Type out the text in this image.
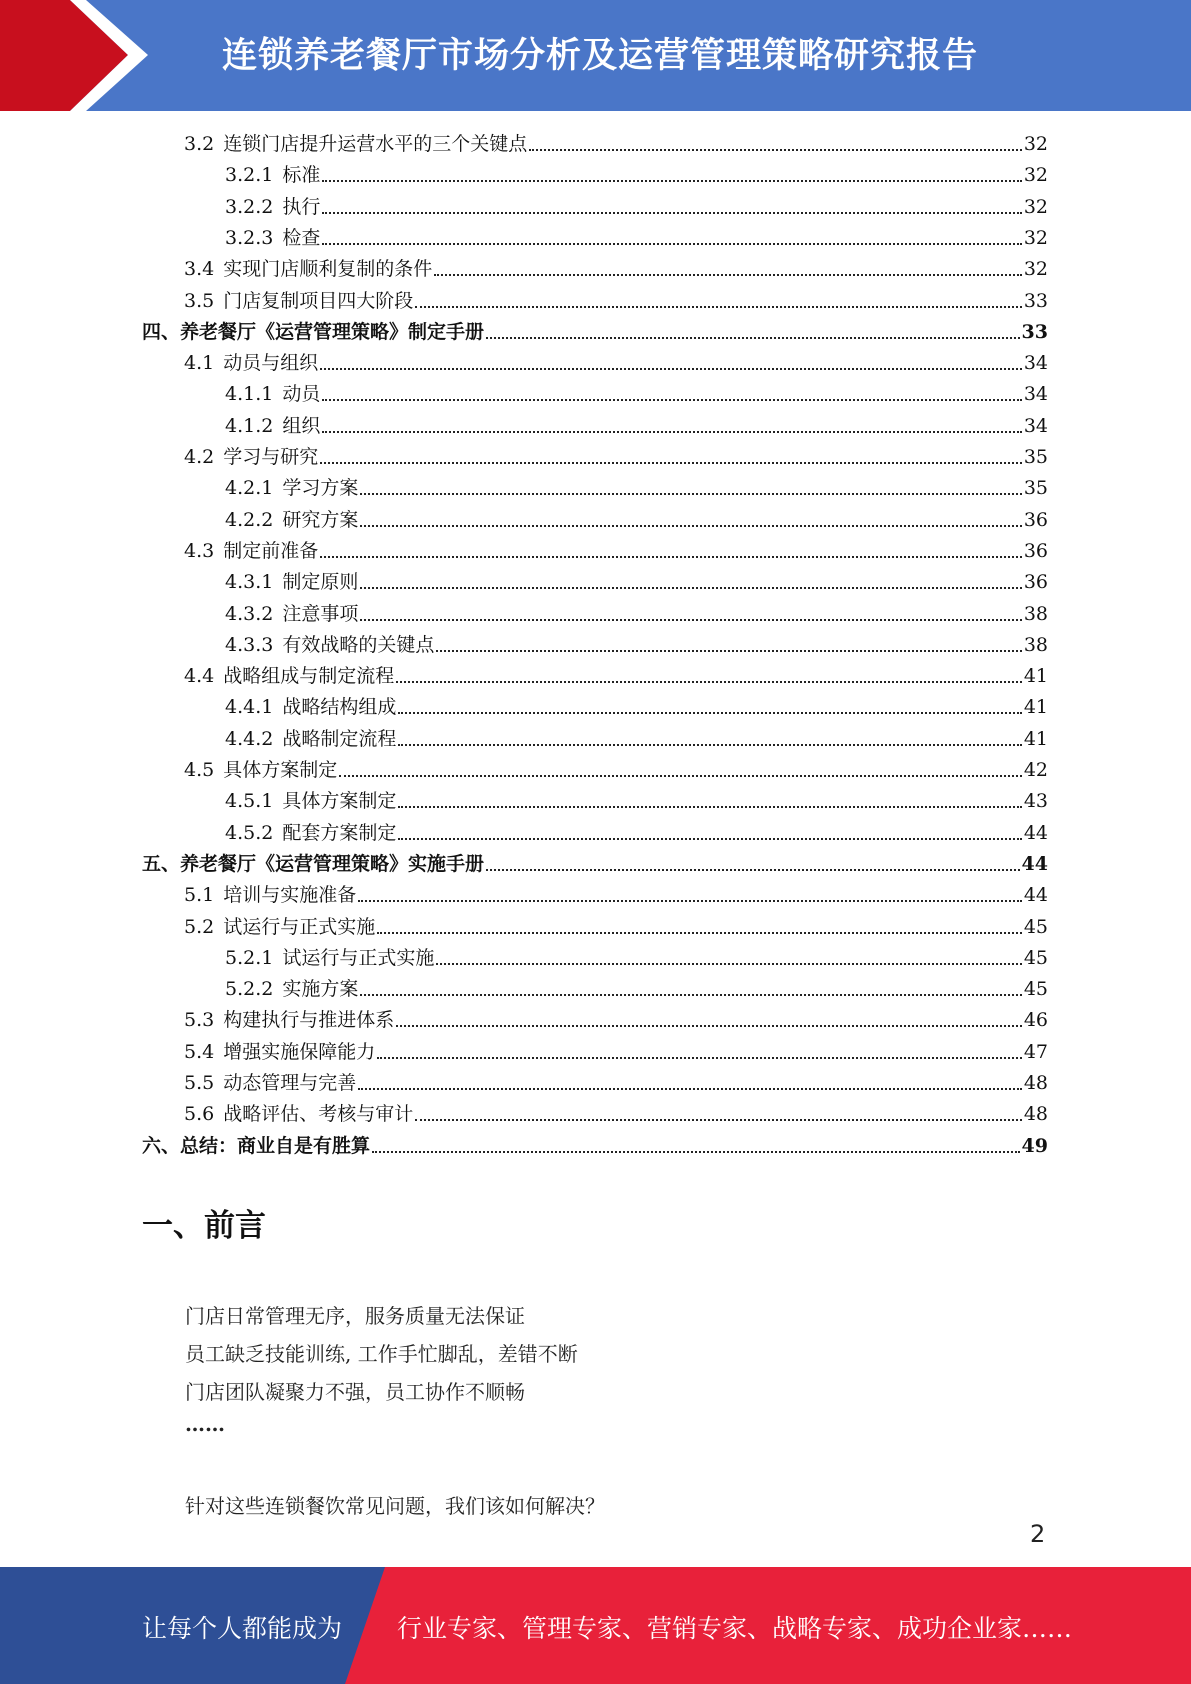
连锁养老餐厅市场分析及运营管理策略研究报告
3.2 连锁门店提升运营水平的三个关键点	32
3.2.1 标准	32
3.2.2 执行	32
3.2.3 检查	32
3.4 实现门店顺利复制的条件	32
3.5 门店复制项目四大阶段	33
四、养老餐厅《运营管理策略》制定手册	33
4.1 动员与组织	34
4.1.1 动员	34
4.1.2 组织	34
4.2 学习与研究	35
4.2.1 学习方案	35
4.2.2 研究方案	36
4.3 制定前准备	36
4.3.1 制定原则	36
4.3.2 注意事项	38
4.3.3 有效战略的关键点	38
4.4 战略组成与制定流程	41
4.4.1 战略结构组成	41
4.4.2 战略制定流程	41
4.5 具体方案制定	42
4.5.1 具体方案制定	43
4.5.2 配套方案制定	44
五、养老餐厅《运营管理策略》实施手册	44
5.1 培训与实施准备	44
5.2 试运行与正式实施	45
5.2.1 试运行与正式实施	45
5.2.2 实施方案	45
5.3 构建执行与推进体系	46
5.4 增强实施保障能力	47
5.5 动态管理与完善	48
5.6 战略评估、考核与审计	48
六、总结：商业自是有胜算	49
一、前言
门店日常管理无序，服务质量无法保证
员工缺乏技能训练, 工作手忙脚乱，差错不断
门店团队凝聚力不强，员工协作不顺畅
……
针对这些连锁餐饮常见问题，我们该如何解决？
2
让每个人都能成为 行业专家、管理专家、营销专家、战略专家、成功企业家……
